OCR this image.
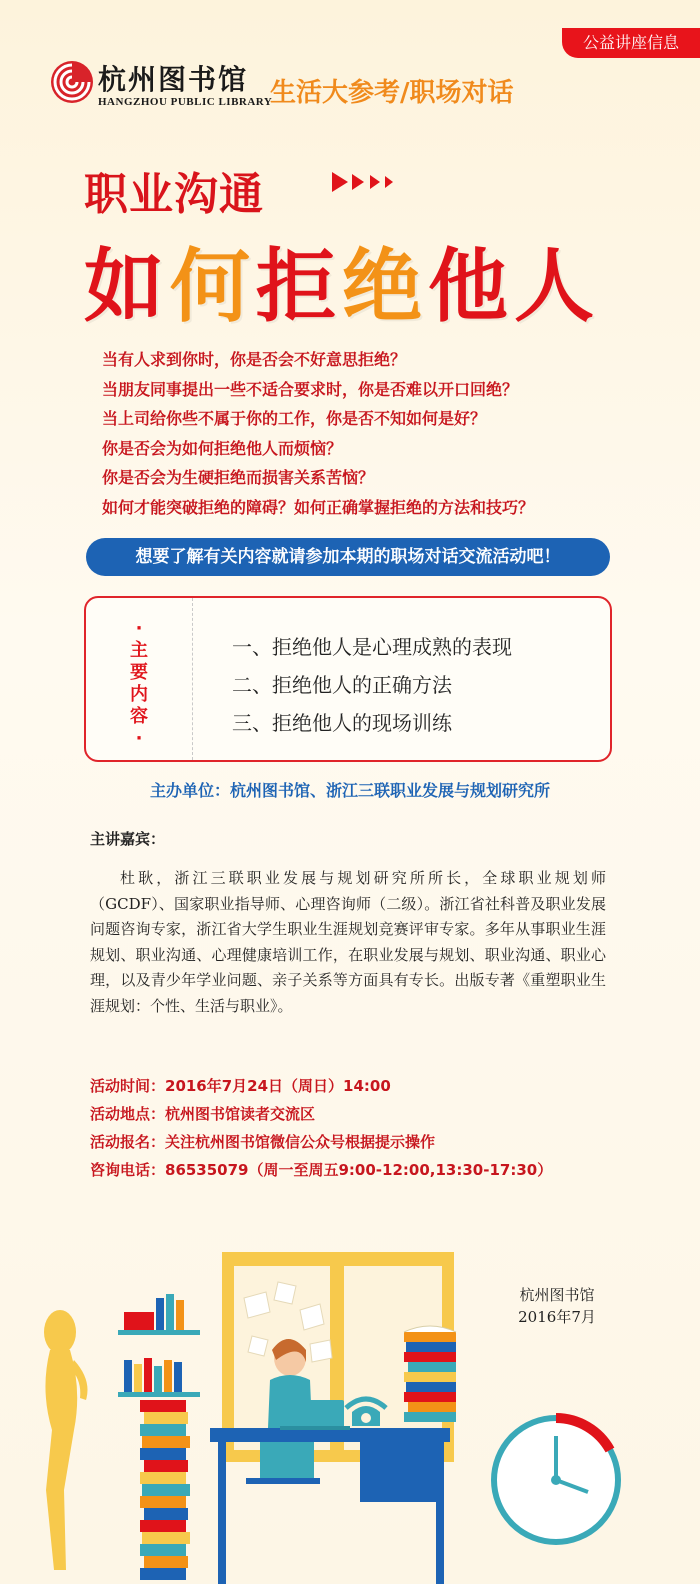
公益讲座信息
杭州图书馆
HANGZHOU PUBLIC LIBRARY
生活大参考/职场对话
职业沟通
如何拒绝他人
当有人求到你时，你是否会不好意思拒绝？
当朋友同事提出一些不适合要求时，你是否难以开口回绝？
当上司给你些不属于你的工作，你是否不知如何是好？
你是否会为如何拒绝他人而烦恼？
你是否会为生硬拒绝而损害关系苦恼？
如何才能突破拒绝的障碍？如何正确掌握拒绝的方法和技巧？
想要了解有关内容就请参加本期的职场对话交流活动吧！
·
主
要
内
容
·
一、拒绝他人是心理成熟的表现
二、拒绝他人的正确方法
三、拒绝他人的现场训练
主办单位：杭州图书馆、浙江三联职业发展与规划研究所
主讲嘉宾：
杜耿，浙江三联职业发展与规划研究所所长，全球职业规划师（GCDF）、国家职业指导师、心理咨询师（二级）。浙江省社科普及职业发展问题咨询专家，浙江省大学生职业生涯规划竞赛评审专家。多年从事职业生涯规划、职业沟通、心理健康培训工作，在职业发展与规划、职业沟通、职业心理，以及青少年学业问题、亲子关系等方面具有专长。出版专著《重塑职业生涯规划：个性、生活与职业》。
活动时间：2016年7月24日（周日）14:00
活动地点：杭州图书馆读者交流区
活动报名：关注杭州图书馆微信公众号根据提示操作
咨询电话：86535079（周一至周五9:00-12:00,13:30-17:30）
杭州图书馆
2016年7月
